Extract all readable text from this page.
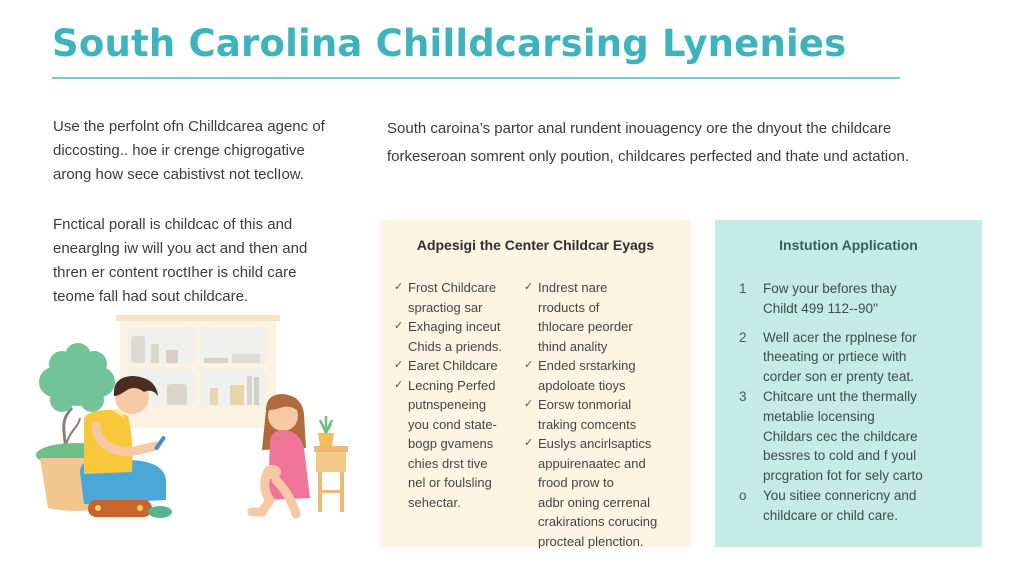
South Carolina Chilldcarsing Lynenies
Use the perfolnt ofn Chilldcarea agenc of
diccosting.. hoe ir crenge chigrogative
arong how sece cabistivst not teclIow.
South caroina’s partor anal rundent inouagency ore the dnyout the childcare
forkeseroan somrent only poution, childcares perfected and thate und actation.
Fnctical porall is childcac of this and
enearglng iw will you act and then and
thren er content roctIher is child care
teome fall had sout childcare.
Adpesigi the Center Childcar Eyags
✓ Frost Childcare
spractiog sar
✓ Exhaging inceut
Chids a priends.
✓ Earet Childcare
✓ Lecning Perfed
putnspeneing
you cond state-
bogp gvamens
chies drst tive
nel or foulsling
sehectar.
✓ Indrest nare
rroducts of
thlocare peorder
thind anality
✓ Ended srstarking
apdoloate tioys
✓ Eorsw tonmorial
traking comcents
✓ Euslys ancirlsaptics
appuirenaatec and
frood prow to
adbr oning cerrenal
crakirations corucing
procteal plenction.
Instution Application
1 Fow your befores thay
Childt 499 112--90"
2 Well acer the rpplnese for
theeating or prtiece with
corder son er prenty teat.
3 Chitcare unt the thermally
metablie locensing
Childars cec the childcare
bessres to cold and f youl
prcgration fot for sely carto
o You sitiee connericny and
childcare or child care.
